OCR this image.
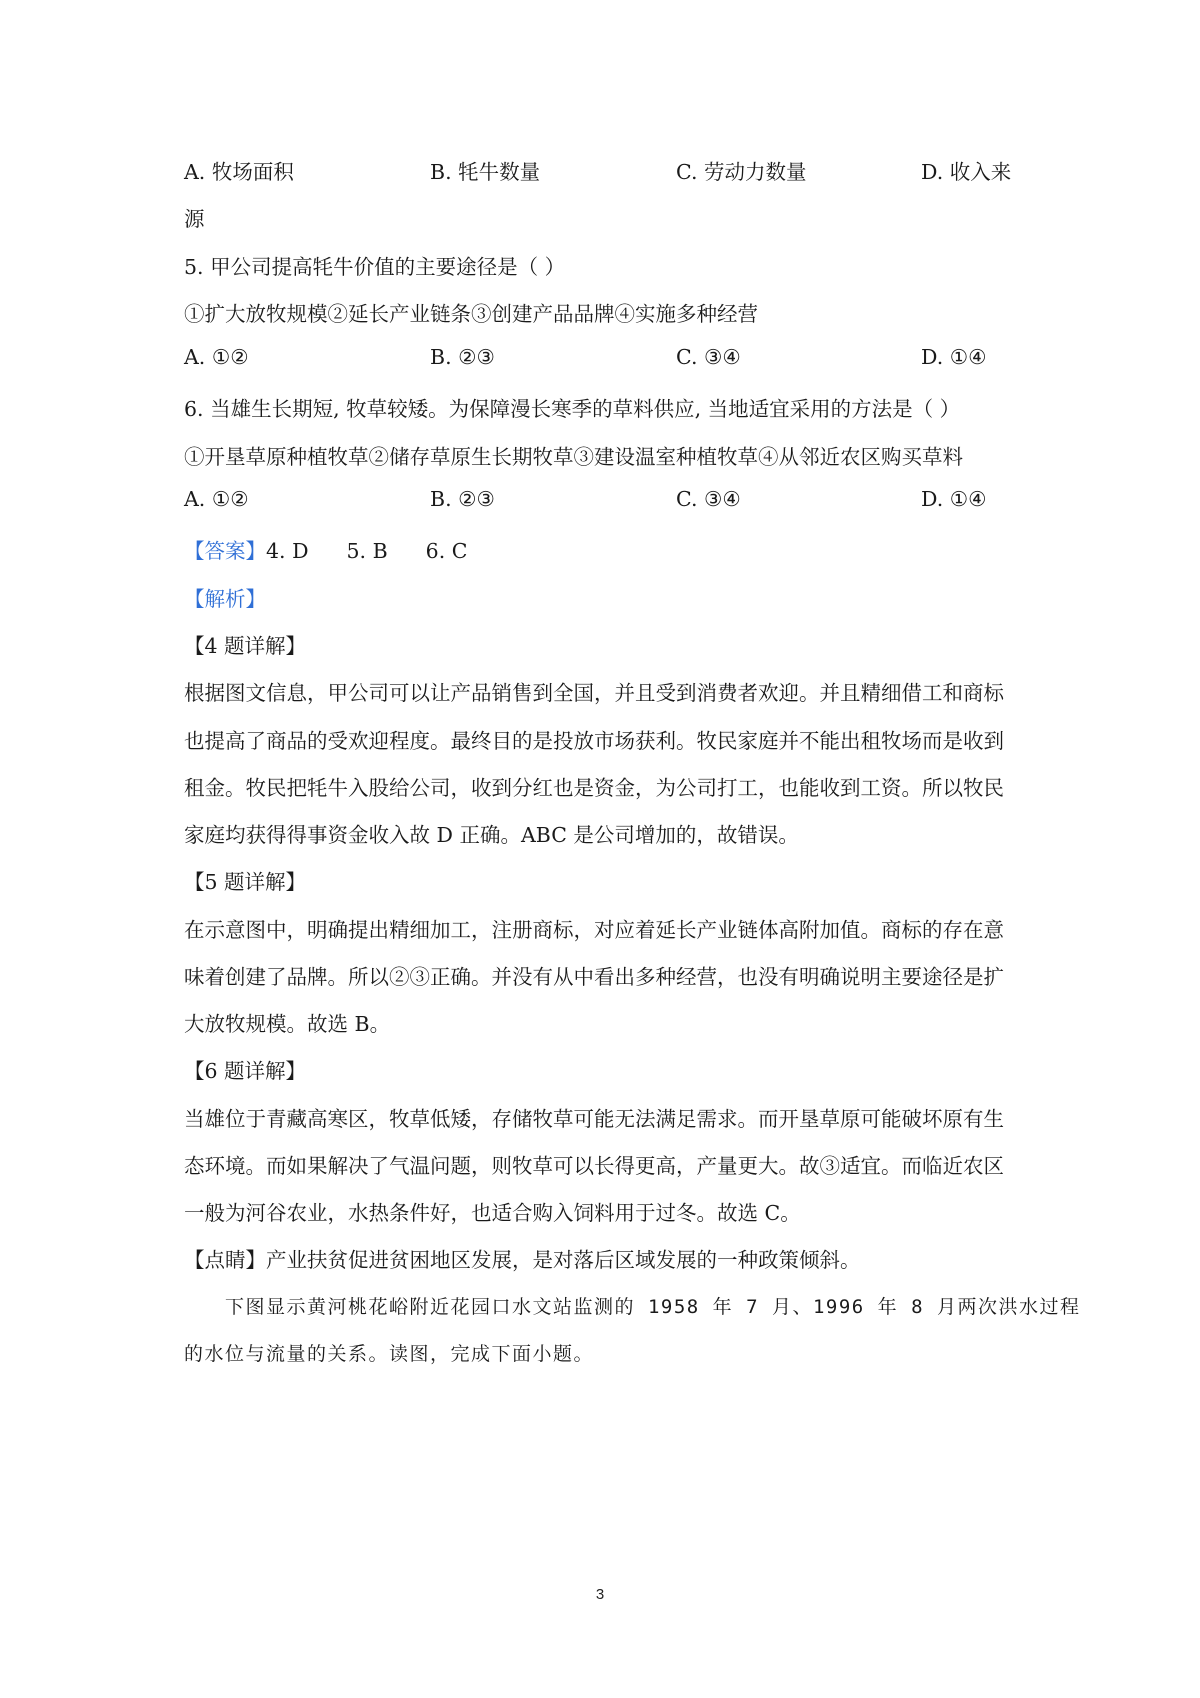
A. 牧场面积	B. 牦牛数量	C. 劳动力数量	D. 收入来
源
5. 甲公司提高牦牛价值的主要途径是（ ）
①扩大放牧规模②延长产业链条③创建产品品牌④实施多种经营
A. ①②	B. ②③	C. ③④	D. ①④
6. 当雄生长期短, 牧草较矮。为保障漫长寒季的草料供应, 当地适宜采用的方法是（ ）
①开垦草原种植牧草②储存草原生长期牧草③建设温室种植牧草④从邻近农区购买草料
A. ①②	B. ②③	C. ③④	D. ①④
【答案】4. D 5. B 6. C
【解析】
【4 题详解】
根据图文信息，甲公司可以让产品销售到全国，并且受到消费者欢迎。并且精细借工和商标
也提高了商品的受欢迎程度。最终目的是投放市场获利。牧民家庭并不能出租牧场而是收到
租金。牧民把牦牛入股给公司，收到分红也是资金，为公司打工，也能收到工资。所以牧民
家庭均获得得事资金收入故 D 正确。ABC 是公司增加的，故错误。
【5 题详解】
在示意图中，明确提出精细加工，注册商标，对应着延长产业链体高附加值。商标的存在意
味着创建了品牌。所以②③正确。并没有从中看出多种经营，也没有明确说明主要途径是扩
大放牧规模。故选 B。
【6 题详解】
当雄位于青藏高寒区，牧草低矮，存储牧草可能无法满足需求。而开垦草原可能破坏原有生
态环境。而如果解决了气温问题，则牧草可以长得更高，产量更大。故③适宜。而临近农区
一般为河谷农业，水热条件好，也适合购入饲料用于过冬。故选 C。
【点睛】产业扶贫促进贫困地区发展，是对落后区域发展的一种政策倾斜。
下图显示黄河桃花峪附近花园口水文站监测的 1958 年 7 月、1996 年 8 月两次洪水过程
的水位与流量的关系。读图，完成下面小题。
3
